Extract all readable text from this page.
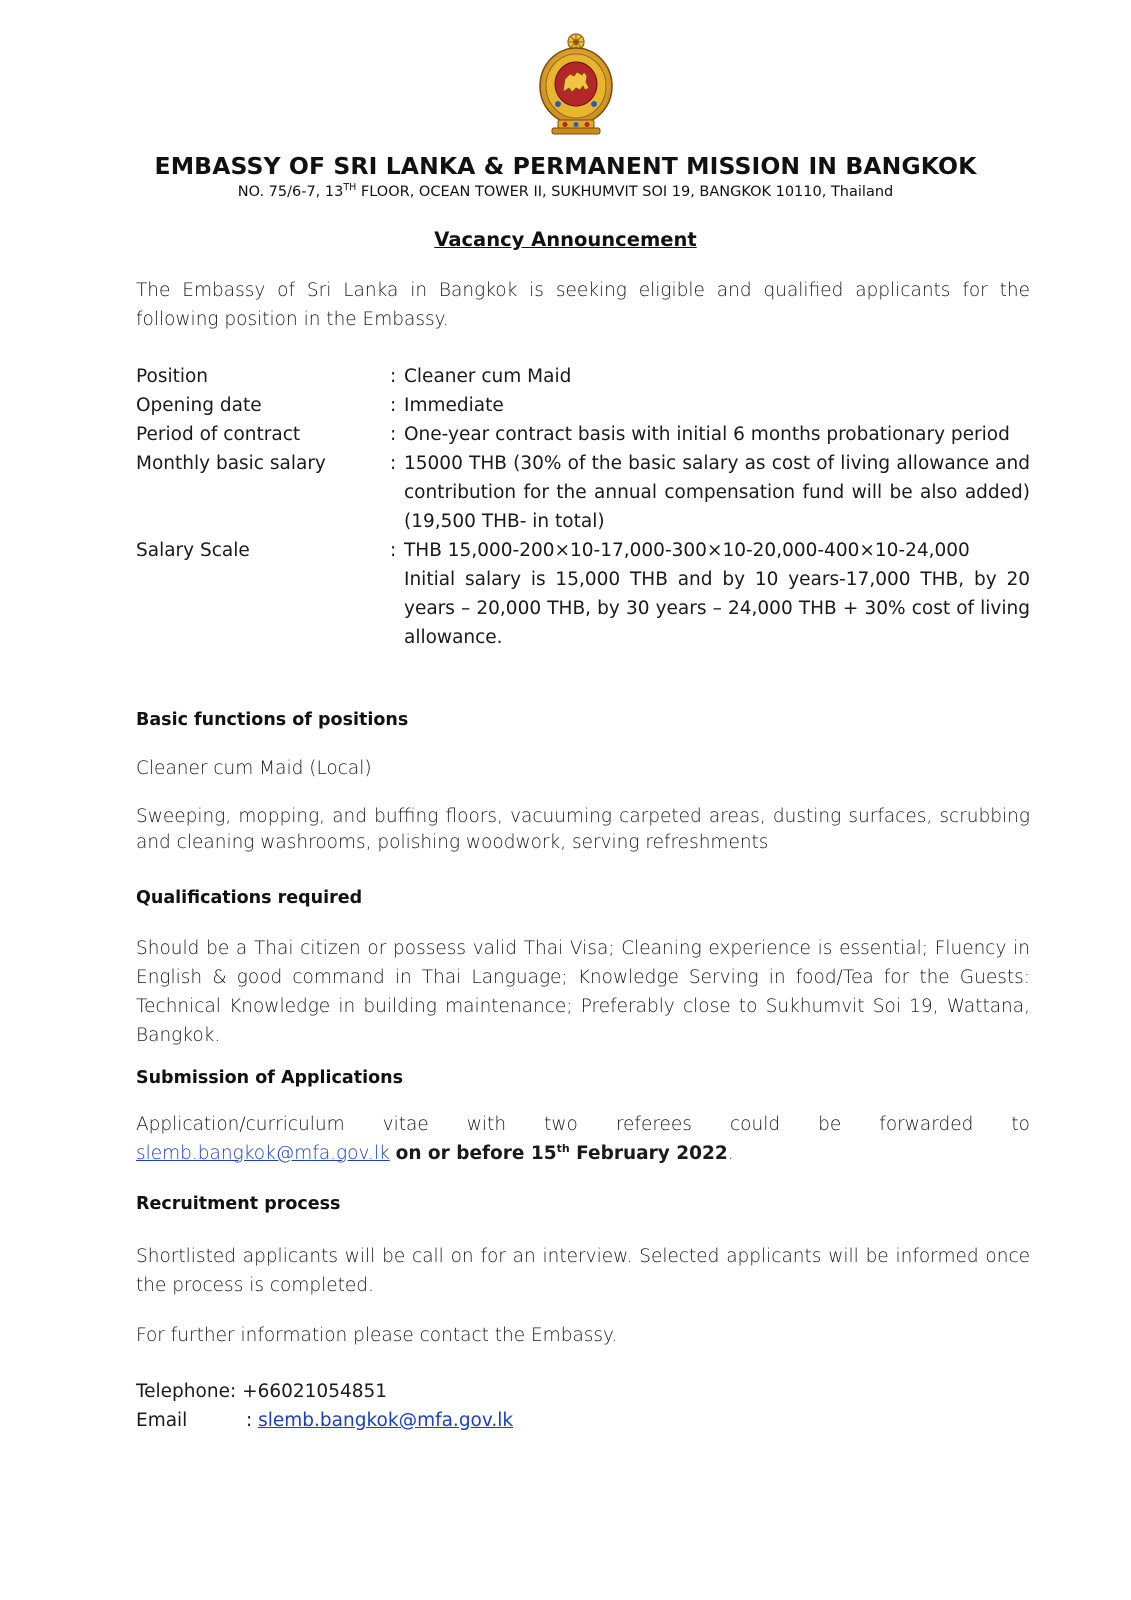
EMBASSY OF SRI LANKA & PERMANENT MISSION IN BANGKOK
NO. 75/6-7, 13TH FLOOR, OCEAN TOWER II, SUKHUMVIT SOI 19, BANGKOK 10110, Thailand
Vacancy Announcement
The Embassy of Sri Lanka in Bangkok is seeking eligible and qualified applicants for the following position in the Embassy.
Position	: Cleaner cum Maid
Opening date	: Immediate
Period of contract	: One-year contract basis with initial 6 months probationary period
Monthly basic salary	: 15000 THB (30% of the basic salary as cost of living allowance and contribution for the annual compensation fund will be also added) (19,500 THB- in total)
Salary Scale	: THB 15,000-200×10-17,000-300×10-20,000-400×10-24,000
Initial salary is 15,000 THB and by 10 years-17,000 THB, by 20 years – 20,000 THB, by 30 years – 24,000 THB + 30% cost of living allowance.
Basic functions of positions
Cleaner cum Maid (Local)
Sweeping, mopping, and buffing floors, vacuuming carpeted areas, dusting surfaces, scrubbing and cleaning washrooms, polishing woodwork, serving refreshments
Qualifications required
Should be a Thai citizen or possess valid Thai Visa; Cleaning experience is essential; Fluency in English & good command in Thai Language; Knowledge Serving in food/Tea for the Guests: Technical Knowledge in building maintenance; Preferably close to Sukhumvit Soi 19, Wattana, Bangkok.
Submission of Applications
Application/curriculum vitae with two referees could be forwarded to
slemb.bangkok@mfa.gov.lk on or before 15th February 2022.
Recruitment process
Shortlisted applicants will be call on for an interview. Selected applicants will be informed once the process is completed.
For further information please contact the Embassy.
Telephone: +66021054851
Email	: slemb.bangkok@mfa.gov.lk
